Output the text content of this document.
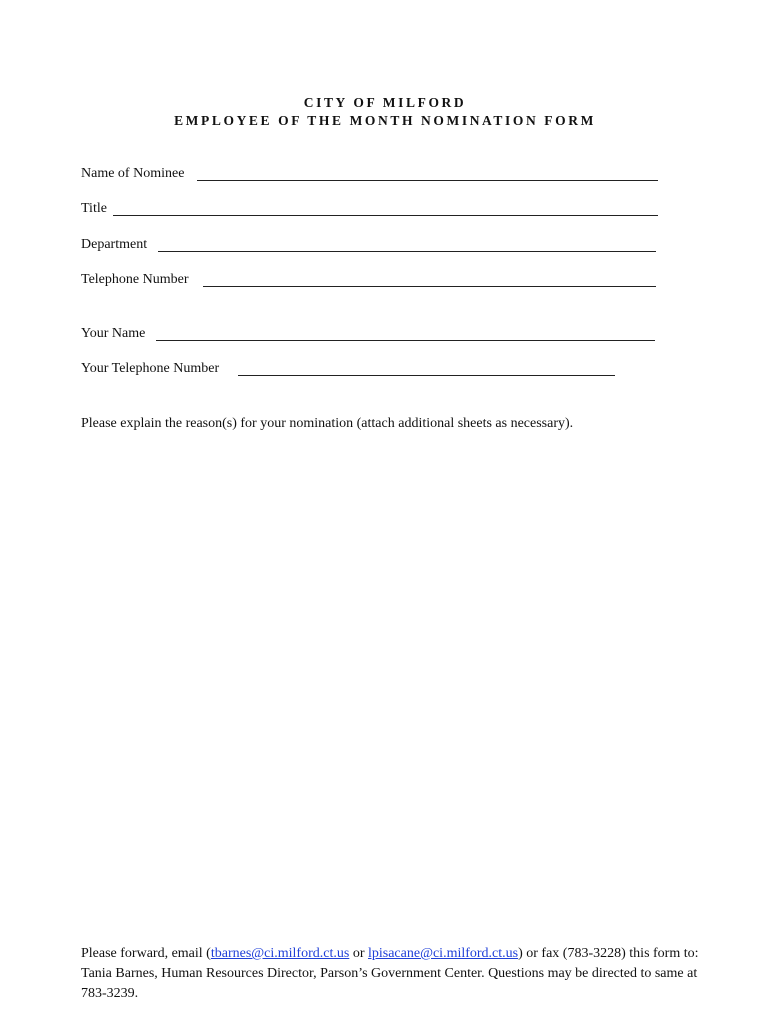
CITY OF MILFORD
EMPLOYEE OF THE MONTH NOMINATION FORM
Name of Nominee
Title
Department
Telephone Number
Your Name
Your Telephone Number
Please explain the reason(s) for your nomination (attach additional sheets as necessary).
Please forward, email (tbarnes@ci.milford.ct.us or lpisacane@ci.milford.ct.us) or fax (783-3228) this form to: Tania Barnes, Human Resources Director, Parson’s Government Center. Questions may be directed to same at 783-3239.
